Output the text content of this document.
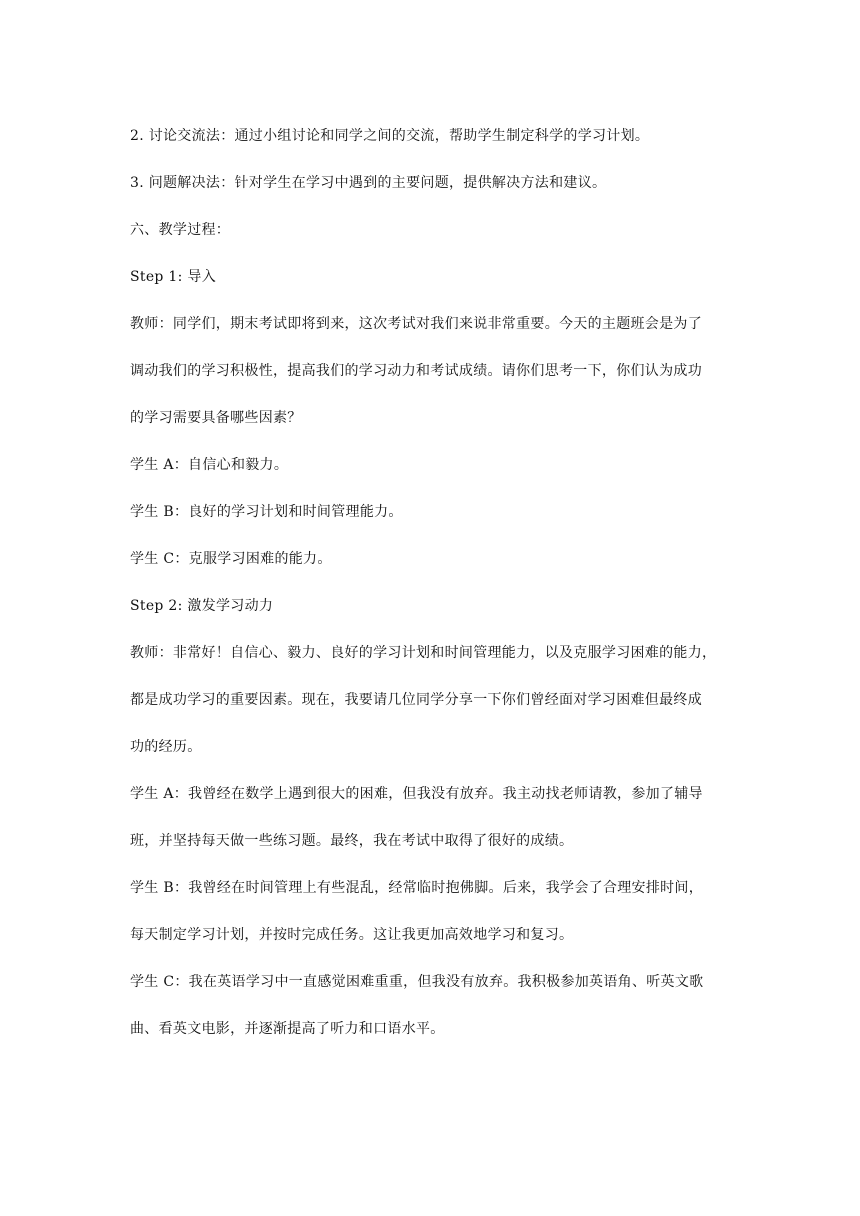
2. 讨论交流法：通过小组讨论和同学之间的交流，帮助学生制定科学的学习计划。

3. 问题解决法：针对学生在学习中遇到的主要问题，提供解决方法和建议。

六、教学过程：

Step 1: 导入

教师：同学们，期末考试即将到来，这次考试对我们来说非常重要。今天的主题班会是为了
调动我们的学习积极性，提高我们的学习动力和考试成绩。请你们思考一下，你们认为成功
的学习需要具备哪些因素？

学生 A：自信心和毅力。

学生 B：良好的学习计划和时间管理能力。

学生 C：克服学习困难的能力。

Step 2: 激发学习动力

教师：非常好！自信心、毅力、良好的学习计划和时间管理能力，以及克服学习困难的能力，
都是成功学习的重要因素。现在，我要请几位同学分享一下你们曾经面对学习困难但最终成
功的经历。

学生 A：我曾经在数学上遇到很大的困难，但我没有放弃。我主动找老师请教，参加了辅导
班，并坚持每天做一些练习题。最终，我在考试中取得了很好的成绩。

学生 B：我曾经在时间管理上有些混乱，经常临时抱佛脚。后来，我学会了合理安排时间，
每天制定学习计划，并按时完成任务。这让我更加高效地学习和复习。

学生 C：我在英语学习中一直感觉困难重重，但我没有放弃。我积极参加英语角、听英文歌
曲、看英文电影，并逐渐提高了听力和口语水平。
